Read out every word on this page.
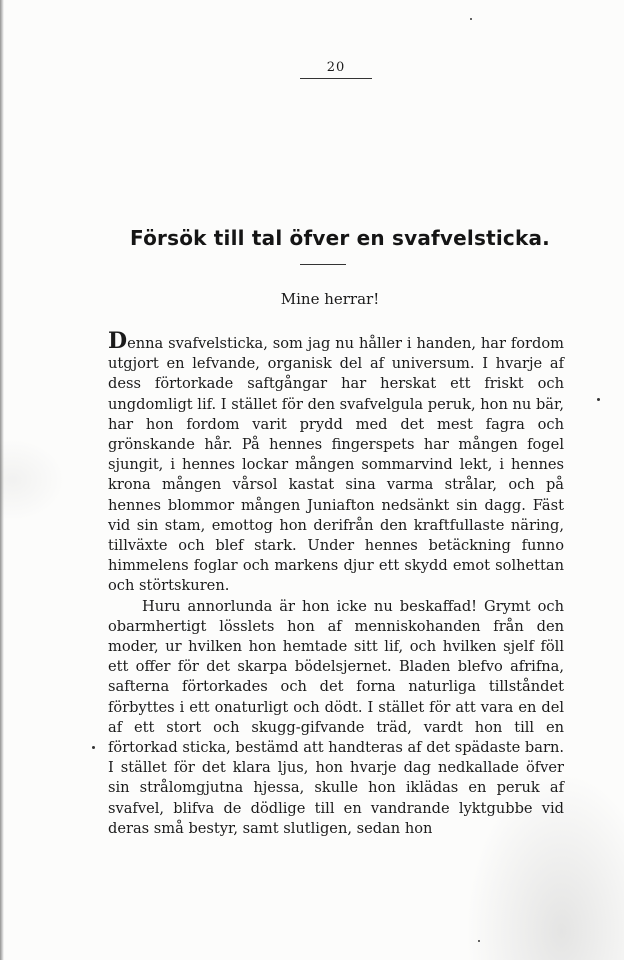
20
Försök till tal öfver en svafvelsticka.
Mine herrar!

Denna svafvelsticka, som jag nu håller i handen, har fordom utgjort en lefvande, organisk del af universum. I hvarje af dess förtorkade saftgångar har herskat ett friskt och ungdomligt lif. I stället för den svafvelgula peruk, hon nu bär, har hon fordom varit prydd med det mest fagra och grönskande hår. På hennes fingerspets har mången fogel sjungit, i hennes lockar mången sommarvind lekt, i hennes krona mången vårsol kastat sina varma strålar, och på hennes blommor mången Juniafton nedsänkt sin dagg. Fäst vid sin stam, emottog hon derifrån den kraftfullaste näring, tillväxte och blef stark. Under hennes betäckning funno himmelens foglar och markens djur ett skydd emot solhettan och störtskuren.

Huru annorlunda är hon icke nu beskaffad! Grymt och obarmhertigt lösslets hon af menniskohanden från den moder, ur hvilken hon hemtade sitt lif, och hvilken sjelf föll ett offer för det skarpa bödelsjernet. Bladen blefvo afrifna, safterna förtorkades och det forna naturliga tillståndet förbyttes i ett onaturligt och dödt. I stället för att vara en del af ett stort och skugg-gifvande träd, vardt hon till en förtorkad sticka, bestämd att handteras af det spädaste barn. I stället för det klara ljus, hon hvarje dag nedkallade öfver sin strålomgjutna hjessa, skulle hon iklädas en peruk af svafvel, blifva de dödlige till en vandrande lyktgubbe vid deras små bestyr, samt slutligen, sedan hon
